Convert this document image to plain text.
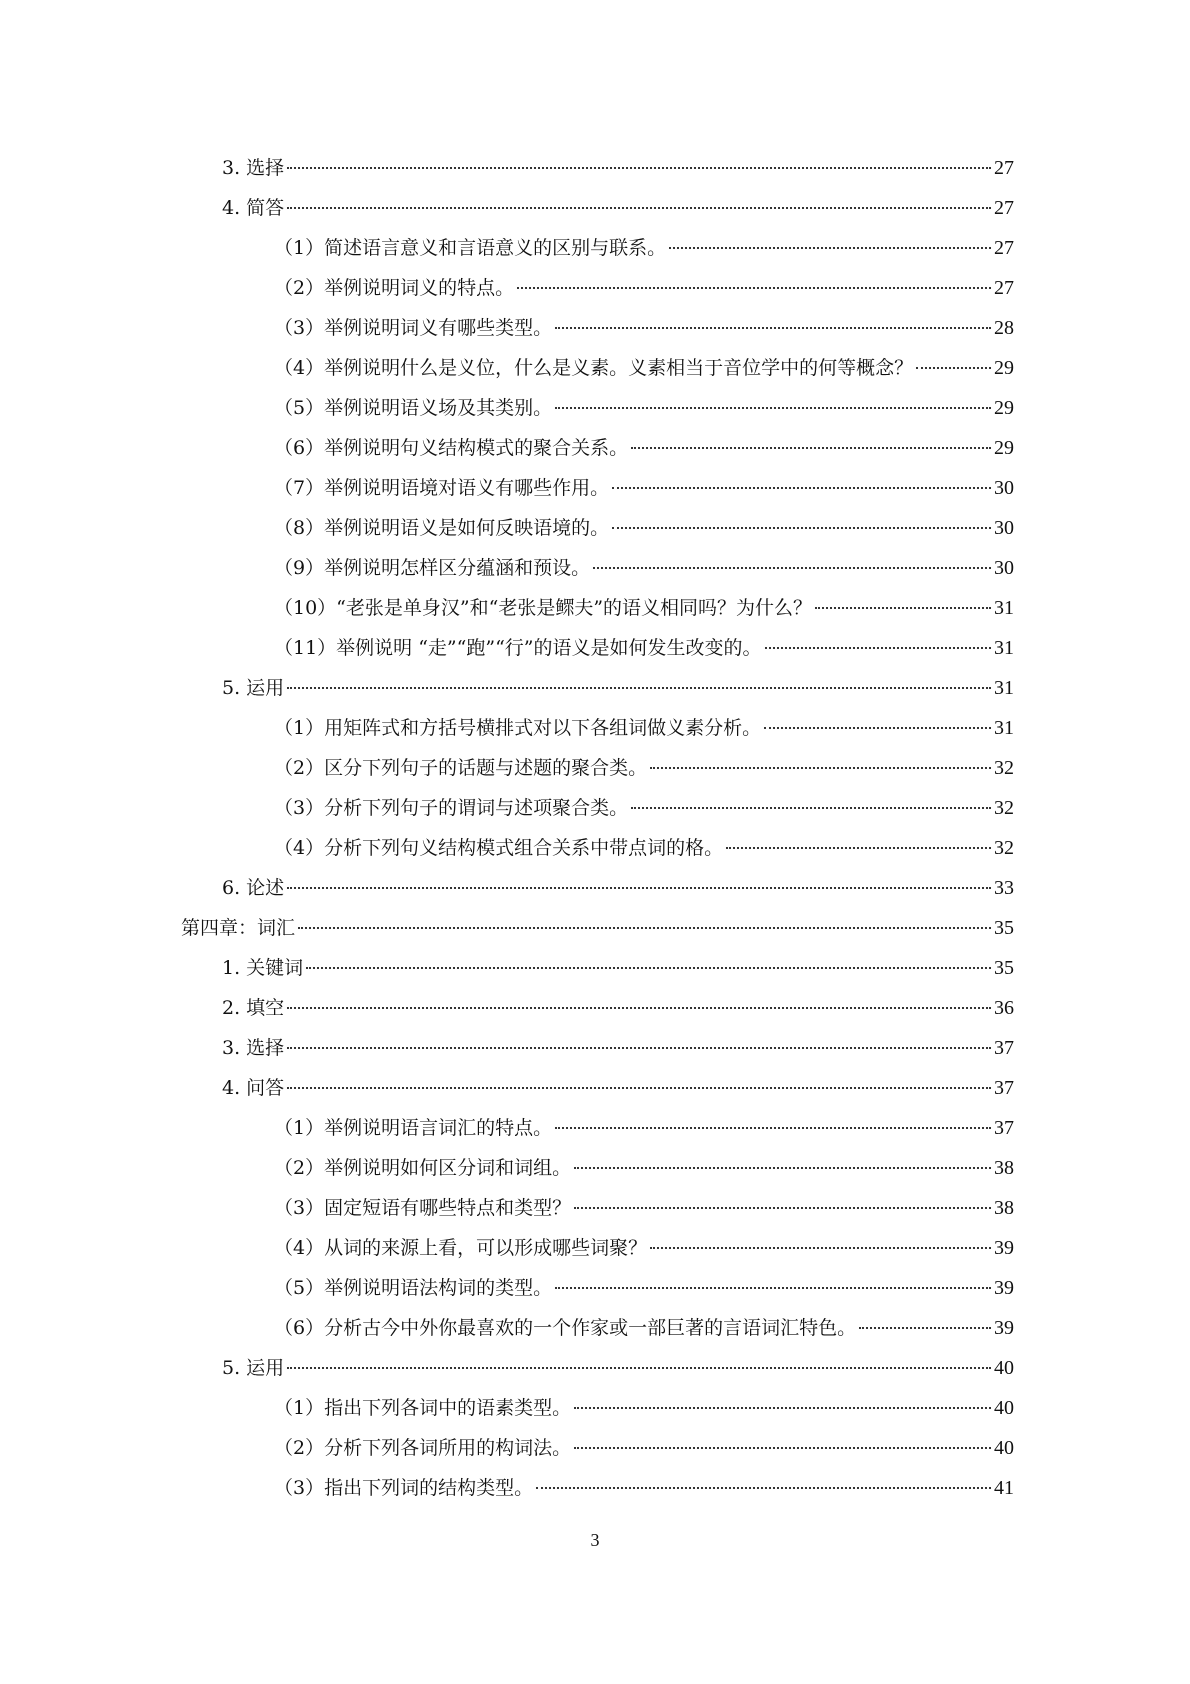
3. 选择	27
4. 简答	27
（1）简述语言意义和言语意义的区别与联系。	27
（2）举例说明词义的特点。	27
（3）举例说明词义有哪些类型。	28
（4）举例说明什么是义位，什么是义素。义素相当于音位学中的何等概念？	29
（5）举例说明语义场及其类别。	29
（6）举例说明句义结构模式的聚合关系。	29
（7）举例说明语境对语义有哪些作用。	30
（8）举例说明语义是如何反映语境的。	30
（9）举例说明怎样区分蕴涵和预设。	30
（10）“老张是单身汉”和“老张是鳏夫”的语义相同吗？为什么？	31
（11）举例说明 “走”“跑”“行”的语义是如何发生改变的。	31
5. 运用	31
（1）用矩阵式和方括号横排式对以下各组词做义素分析。	31
（2）区分下列句子的话题与述题的聚合类。	32
（3）分析下列句子的谓词与述项聚合类。	32
（4）分析下列句义结构模式组合关系中带点词的格。	32
6. 论述	33
第四章：词汇	35
1. 关键词	35
2. 填空	36
3. 选择	37
4. 问答	37
（1）举例说明语言词汇的特点。	37
（2）举例说明如何区分词和词组。	38
（3）固定短语有哪些特点和类型？	38
（4）从词的来源上看，可以形成哪些词聚？	39
（5）举例说明语法构词的类型。	39
（6）分析古今中外你最喜欢的一个作家或一部巨著的言语词汇特色。	39
5. 运用	40
（1）指出下列各词中的语素类型。	40
（2）分析下列各词所用的构词法。	40
（3）指出下列词的结构类型。	41
3
